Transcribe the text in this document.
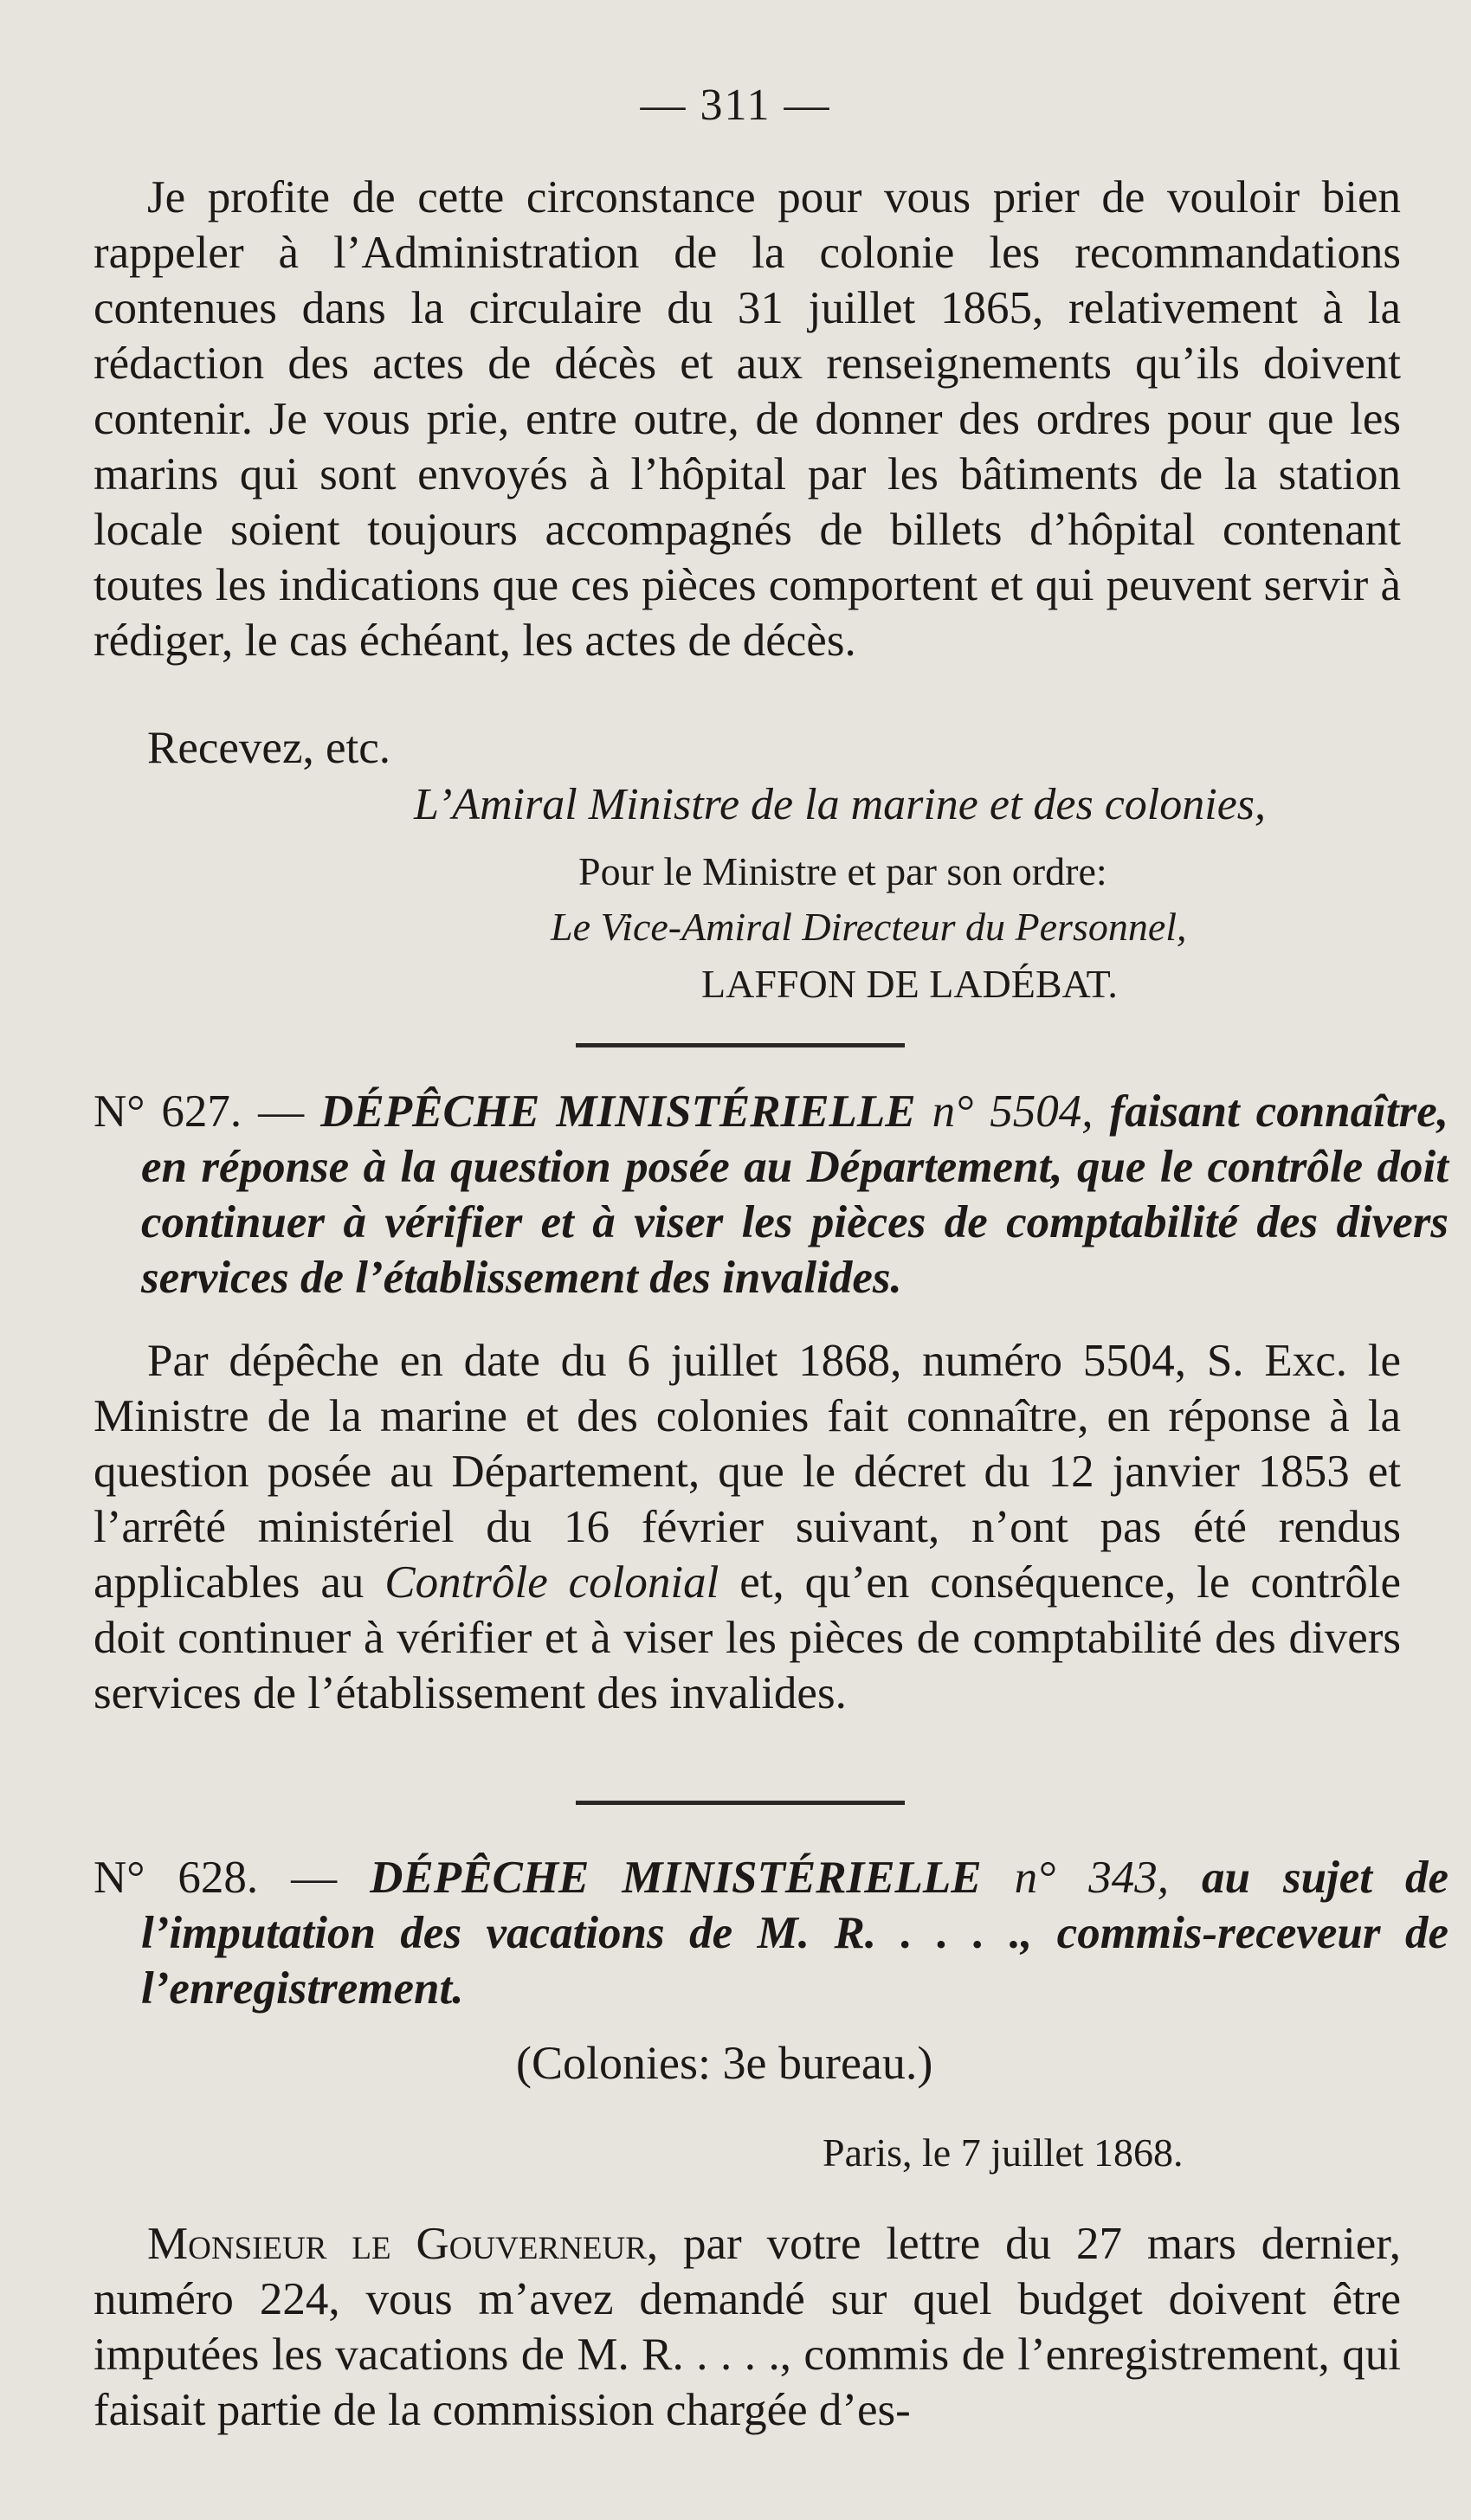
— 311 —
Je profite de cette circonstance pour vous prier de vouloir bien rappeler à l’Administration de la colonie les recommandations contenues dans la circulaire du 31 juillet 1865, relativement à la rédaction des actes de décès et aux renseignements qu’ils doivent contenir. Je vous prie, entre outre, de donner des ordres pour que les marins qui sont envoyés à l’hôpital par les bâtiments de la station locale soient toujours accompagnés de billets d’hôpital contenant toutes les indications que ces pièces comportent et qui peuvent servir à rédiger, le cas échéant, les actes de décès.
Recevez, etc.
L’Amiral Ministre de la marine et des colonies,
Pour le Ministre et par son ordre:
Le Vice-Amiral Directeur du Personnel,
LAFFON DE LADÉBAT.
N° 627. — DÉPÊCHE MINISTÉRIELLE n° 5504, faisant connaître, en réponse à la question posée au Département, que le contrôle doit continuer à vérifier et à viser les pièces de comptabilité des divers services de l’établissement des invalides.
Par dépêche en date du 6 juillet 1868, numéro 5504, S. Exc. le Ministre de la marine et des colonies fait connaître, en réponse à la question posée au Département, que le décret du 12 janvier 1853 et l’arrêté ministériel du 16 février suivant, n’ont pas été rendus applicables au Contrôle colonial et, qu’en conséquence, le contrôle doit continuer à vérifier et à viser les pièces de comptabilité des divers services de l’établissement des invalides.
N° 628. — DÉPÊCHE MINISTÉRIELLE n° 343, au sujet de l’imputation des vacations de M. R. . . . ., commis-receveur de l’enregistrement.
(Colonies: 3e bureau.)
Paris, le 7 juillet 1868.
Monsieur le Gouverneur, par votre lettre du 27 mars dernier, numéro 224, vous m’avez demandé sur quel budget doivent être imputées les vacations de M. R. . . . ., commis de l’enregistrement, qui faisait partie de la commission chargée d’es-
